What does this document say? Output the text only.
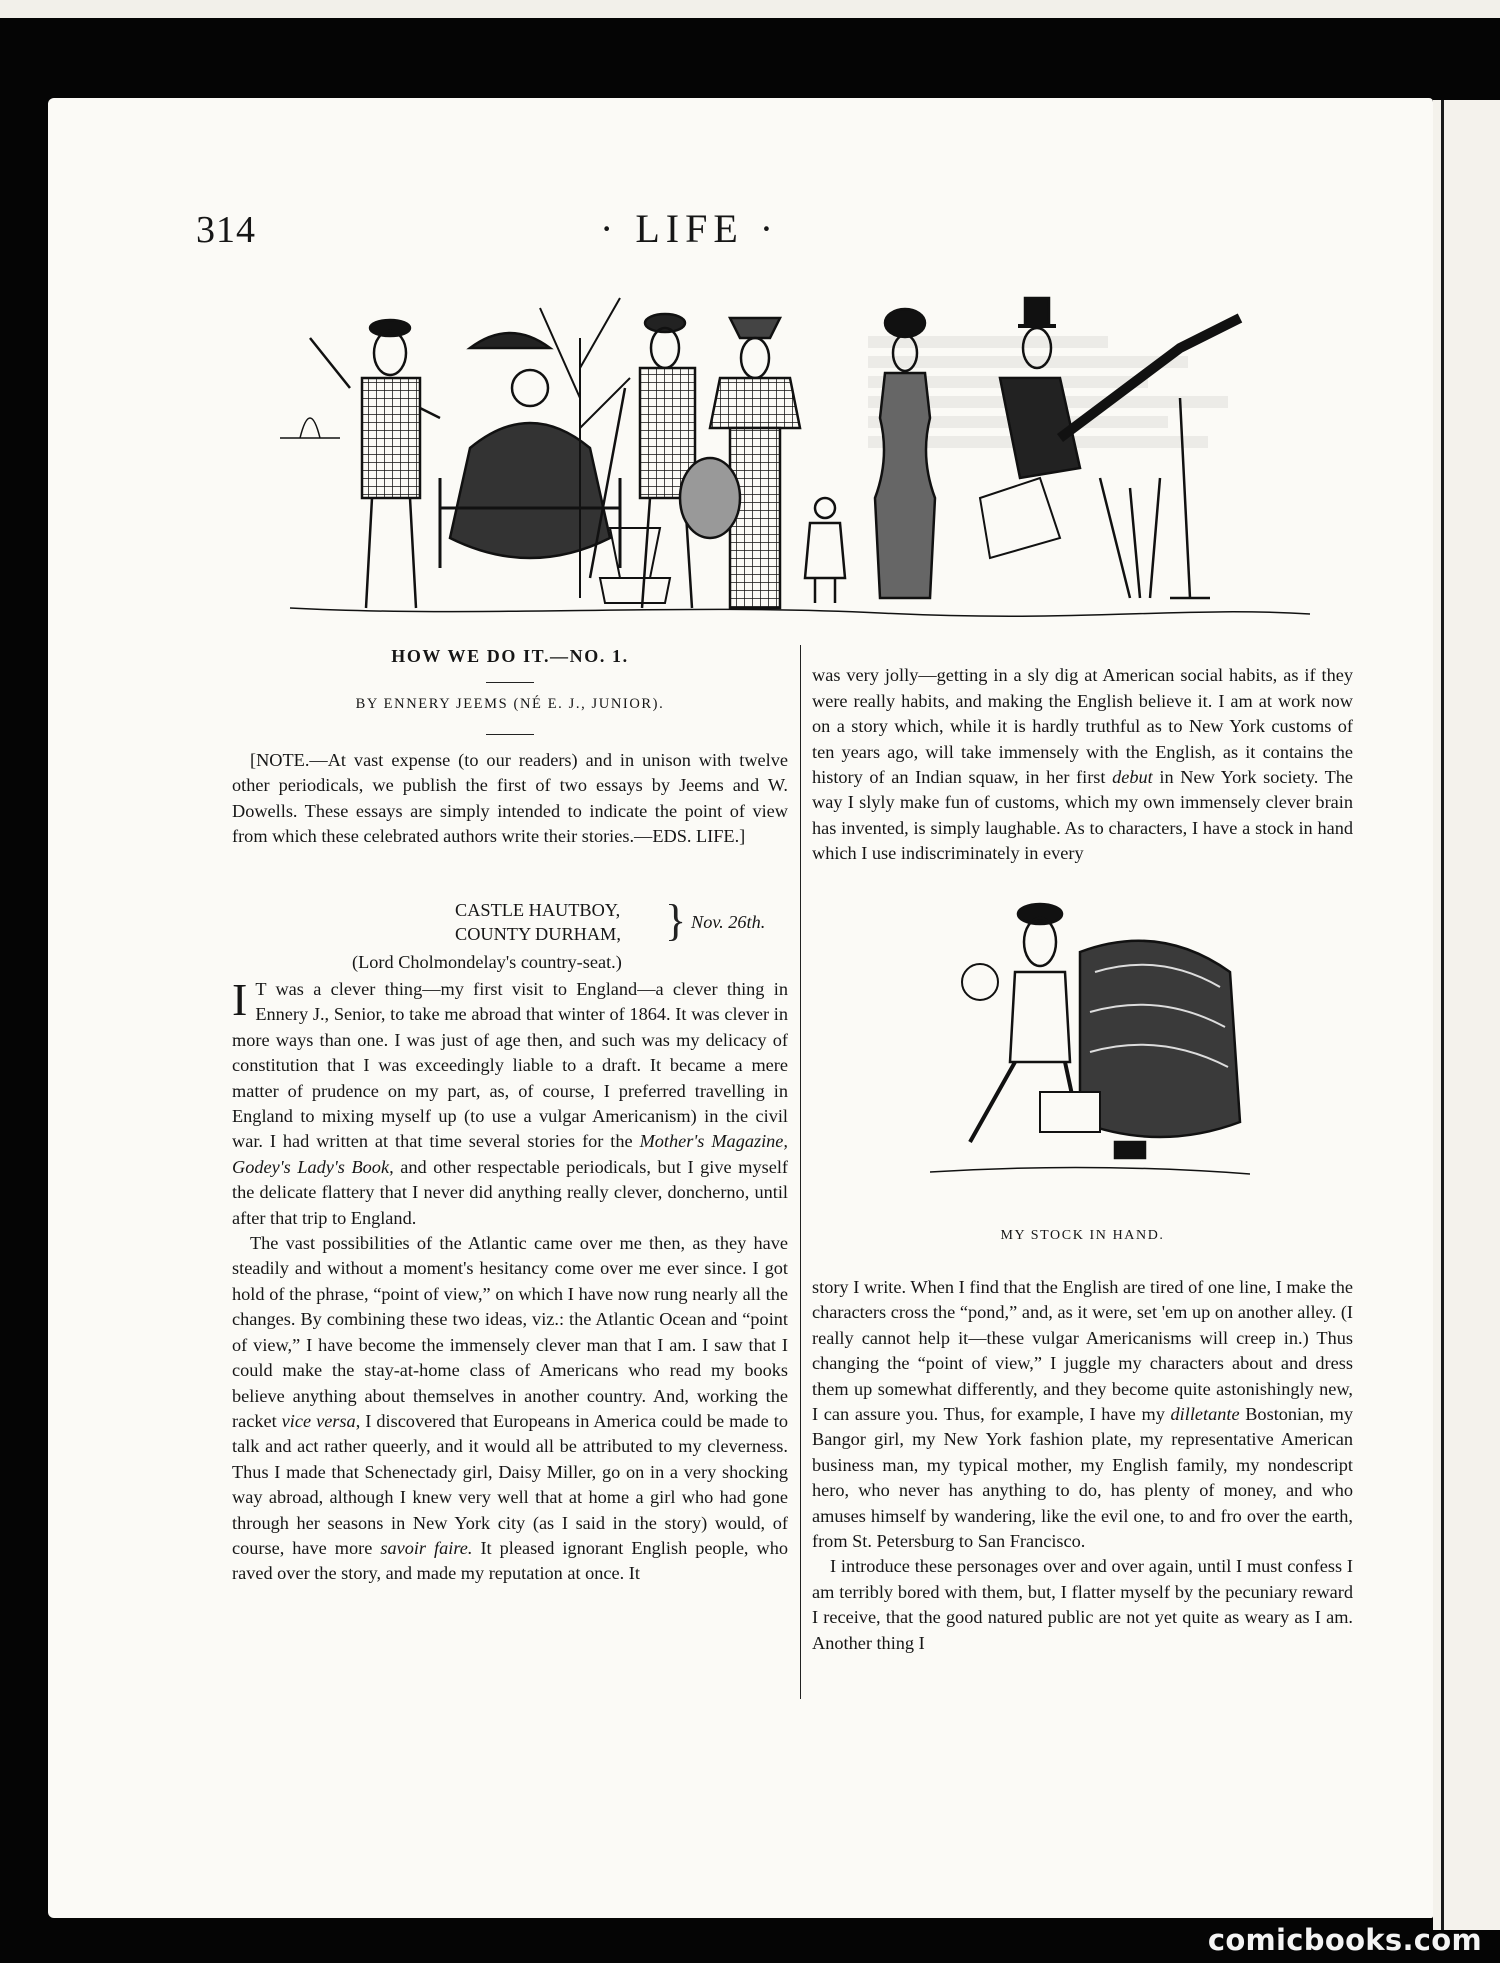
314	· LIFE ·
HOW WE DO IT.—NO. 1.
BY ENNERY JEEMS (NÉ E. J., JUNIOR).

[NOTE.—At vast expense (to our readers) and in unison with twelve other periodicals, we publish the first of two essays by Jeems and W. Dowells. These essays are simply intended to indicate the point of view from which these celebrated authors write their stories.—EDS. LIFE.]

CASTLE HAUTBOY,
COUNTY DURHAM, } Nov. 26th.
(Lord Cholmondelay's country-seat.)

I T was a clever thing—my first visit to England—a clever thing in Ennery J., Senior, to take me abroad that winter of 1864. It was clever in more ways than one. I was just of age then, and such was my delicacy of constitution that I was exceedingly liable to a draft. It became a mere matter of prudence on my part, as, of course, I preferred travelling in England to mixing myself up (to use a vulgar Americanism) in the civil war. I had written at that time several stories for the Mother's Magazine, Godey's Lady's Book, and other respectable periodicals, but I give myself the delicate flattery that I never did anything really clever, doncherno, until after that trip to England.

The vast possibilities of the Atlantic came over me then, as they have steadily and without a moment's hesitancy come over me ever since. I got hold of the phrase, “point of view,” on which I have now rung nearly all the changes. By combining these two ideas, viz.: the Atlantic Ocean and “point of view,” I have become the immensely clever man that I am. I saw that I could make the stay-at-home class of Americans who read my books believe anything about themselves in another country. And, working the racket vice versa, I discovered that Europeans in America could be made to talk and act rather queerly, and it would all be attributed to my cleverness. Thus I made that Schenectady girl, Daisy Miller, go on in a very shocking way abroad, although I knew very well that at home a girl who had gone through her seasons in New York city (as I said in the story) would, of course, have more savoir faire. It pleased ignorant English people, who raved over the story, and made my reputation at once. It

was very jolly—getting in a sly dig at American social habits, as if they were really habits, and making the English believe it. I am at work now on a story which, while it is hardly truthful as to New York customs of ten years ago, will take immensely with the English, as it contains the history of an Indian squaw, in her first debut in New York society. The way I slyly make fun of customs, which my own immensely clever brain has invented, is simply laughable. As to characters, I have a stock in hand which I use indiscriminately in every

MY STOCK IN HAND.

story I write. When I find that the English are tired of one line, I make the characters cross the “pond,” and, as it were, set 'em up on another alley. (I really cannot help it—these vulgar Americanisms will creep in.) Thus changing the “point of view,” I juggle my characters about and dress them up somewhat differently, and they become quite astonishingly new, I can assure you. Thus, for example, I have my dilletante Bostonian, my Bangor girl, my New York fashion plate, my representative American business man, my typical mother, my English family, my nondescript hero, who never has anything to do, has plenty of money, and who amuses himself by wandering, like the evil one, to and fro over the earth, from St. Petersburg to San Francisco.

I introduce these personages over and over again, until I must confess I am terribly bored with them, but, I flatter myself by the pecuniary reward I receive, that the good natured public are not yet quite as weary as I am. Another thing I

comicbooks.com
